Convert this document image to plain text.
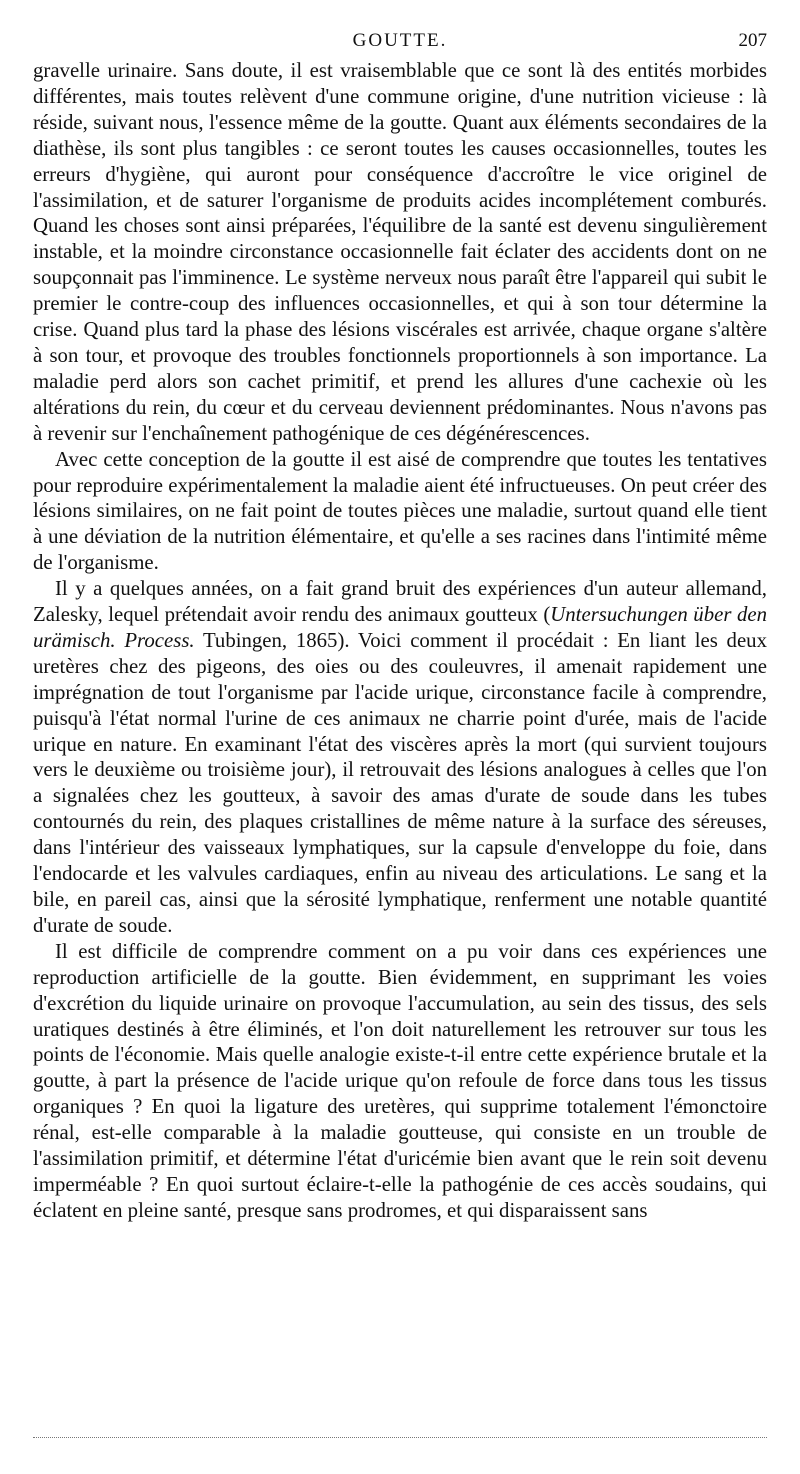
GOUTTE.	207

gravelle urinaire. Sans doute, il est vraisemblable que ce sont là des entités morbides différentes, mais toutes relèvent d'une commune origine, d'une nutrition vicieuse : là réside, suivant nous, l'essence même de la goutte. Quant aux éléments secondaires de la diathèse, ils sont plus tangibles : ce seront toutes les causes occasionnelles, toutes les erreurs d'hygiène, qui auront pour conséquence d'accroître le vice originel de l'assimilation, et de saturer l'organisme de produits acides incomplétement comburés. Quand les choses sont ainsi préparées, l'équilibre de la santé est devenu singulièrement instable, et la moindre circonstance occasionnelle fait éclater des accidents dont on ne soupçonnait pas l'imminence. Le système nerveux nous paraît être l'appareil qui subit le premier le contre-coup des influences occasionnelles, et qui à son tour détermine la crise. Quand plus tard la phase des lésions viscérales est arrivée, chaque organe s'altère à son tour, et provoque des troubles fonctionnels proportionnels à son importance. La maladie perd alors son cachet primitif, et prend les allures d'une cachexie où les altérations du rein, du cœur et du cerveau deviennent prédominantes. Nous n'avons pas à revenir sur l'enchaînement pathogénique de ces dégénérescences.

Avec cette conception de la goutte il est aisé de comprendre que toutes les tentatives pour reproduire expérimentalement la maladie aient été infructueuses. On peut créer des lésions similaires, on ne fait point de toutes pièces une maladie, surtout quand elle tient à une déviation de la nutrition élémentaire, et qu'elle a ses racines dans l'intimité même de l'organisme.

Il y a quelques années, on a fait grand bruit des expériences d'un auteur allemand, Zalesky, lequel prétendait avoir rendu des animaux goutteux (Untersuchungen über den urämisch. Process. Tubingen, 1865). Voici comment il procédait : En liant les deux uretères chez des pigeons, des oies ou des couleuvres, il amenait rapidement une imprégnation de tout l'organisme par l'acide urique, circonstance facile à comprendre, puisqu'à l'état normal l'urine de ces animaux ne charrie point d'urée, mais de l'acide urique en nature. En examinant l'état des viscères après la mort (qui survient toujours vers le deuxième ou troisième jour), il retrouvait des lésions analogues à celles que l'on a signalées chez les goutteux, à savoir des amas d'urate de soude dans les tubes contournés du rein, des plaques cristallines de même nature à la surface des séreuses, dans l'intérieur des vaisseaux lymphatiques, sur la capsule d'enveloppe du foie, dans l'endocarde et les valvules cardiaques, enfin au niveau des articulations. Le sang et la bile, en pareil cas, ainsi que la sérosité lymphatique, renferment une notable quantité d'urate de soude.

Il est difficile de comprendre comment on a pu voir dans ces expériences une reproduction artificielle de la goutte. Bien évidemment, en supprimant les voies d'excrétion du liquide urinaire on provoque l'accumulation, au sein des tissus, des sels uratiques destinés à être éliminés, et l'on doit naturellement les retrouver sur tous les points de l'économie. Mais quelle analogie existe-t-il entre cette expérience brutale et la goutte, à part la présence de l'acide urique qu'on refoule de force dans tous les tissus organiques ? En quoi la ligature des uretères, qui supprime totalement l'émonctoire rénal, est-elle comparable à la maladie goutteuse, qui consiste en un trouble de l'assimilation primitif, et détermine l'état d'uricémie bien avant que le rein soit devenu imperméable ? En quoi surtout éclaire-t-elle la pathogénie de ces accès soudains, qui éclatent en pleine santé, presque sans prodromes, et qui disparaissent sans
